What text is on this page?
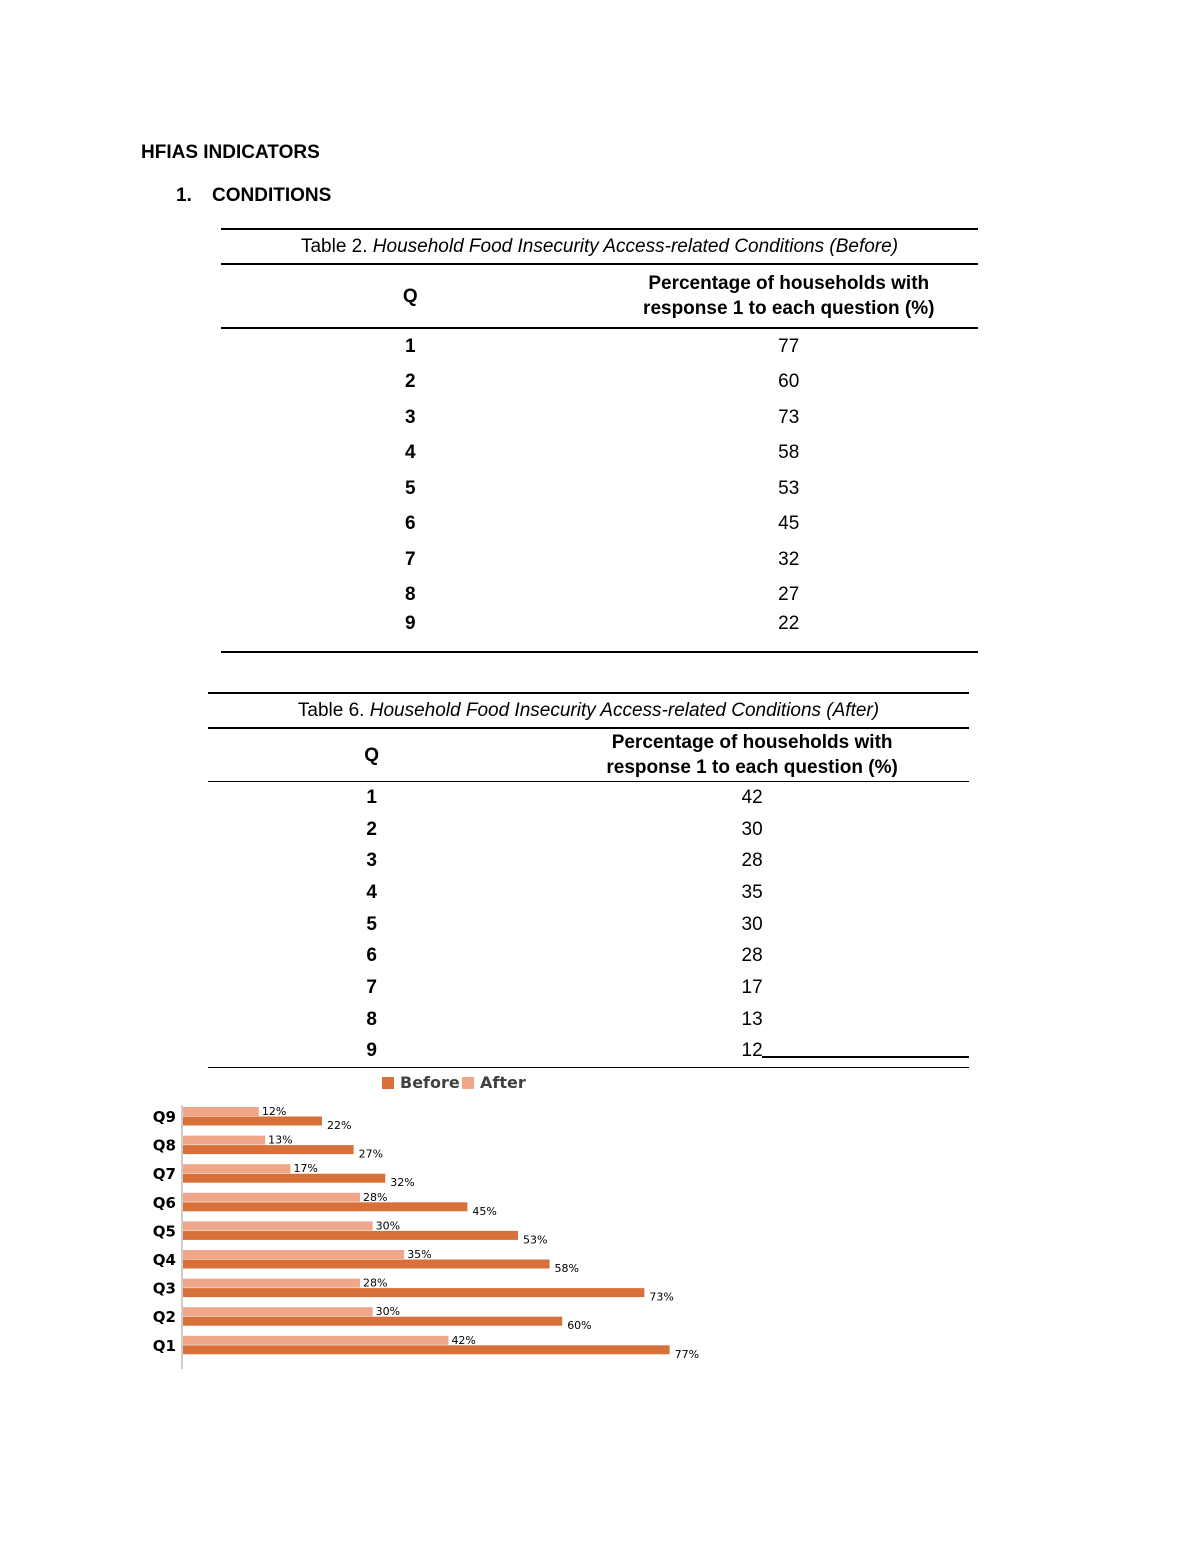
HFIAS INDICATORS
1. CONDITIONS
Table 2. Household Food Insecurity Access-related Conditions (Before)
Q	Percentage of households with
response 1 to each question (%)
1	77
2	60
3	73
4	58
5	53
6	45
7	32
8	27
9	22
Table 6. Household Food Insecurity Access-related Conditions (After)
Q	Percentage of households with
response 1 to each question (%)
1	42
2	30
3	28
4	35
5	30
6	28
7	17
8	13
9	12
Before After
Q9	12%
22%
Q8	13%
27%
Q7	17%
32%
Q6	28%
45%
Q5	30%
53%
Q4	35%
58%
Q3	28%
73%
Q2	30%
60%
Q1	42%
77%
